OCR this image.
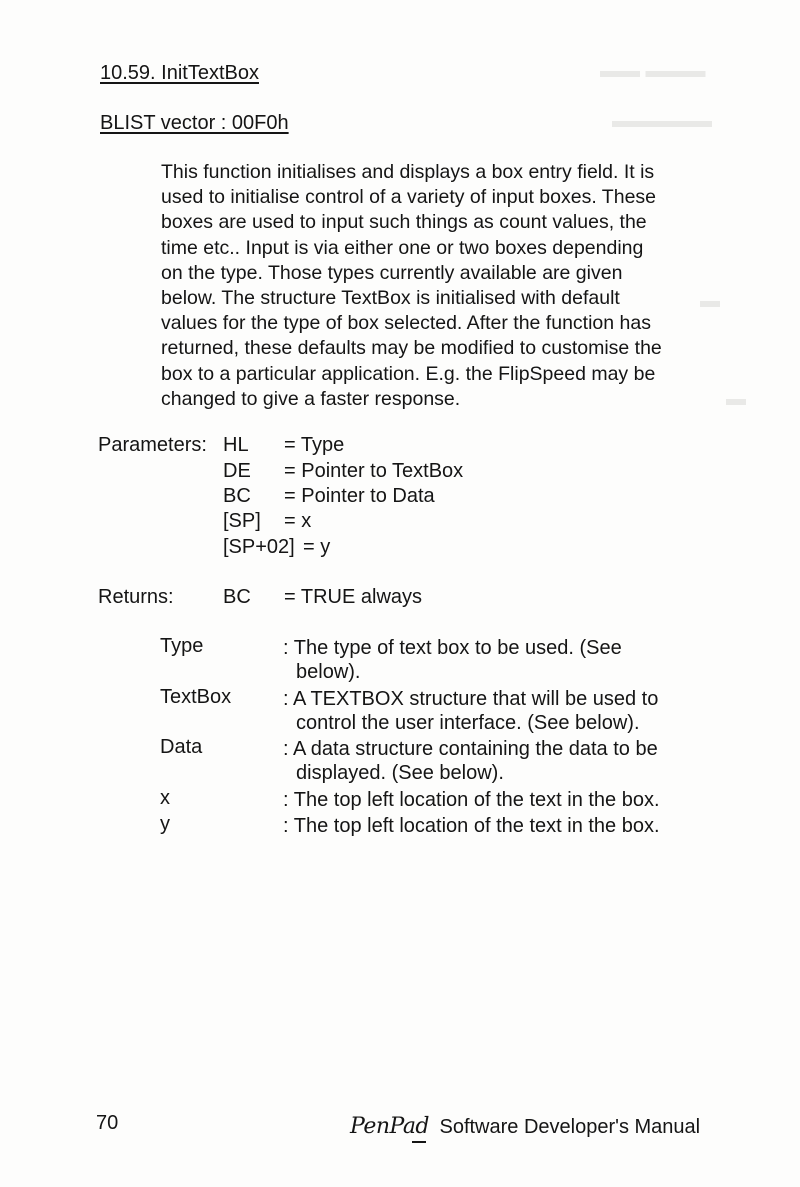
▬▬ ▬▬▬
▬▬▬▬▬
▬
▬
10.59. InitTextBox
BLIST vector : 00F0h
This function initialises and displays a box entry field. It is
used to initialise control of a variety of input boxes. These
boxes are used to input such things as count values, the
time etc.. Input is via either one or two boxes depending
on the type. Those types currently available are given
below. The structure TextBox is initialised with default
values for the type of box selected. After the function has
returned, these defaults may be modified to customise the
box to a particular application. E.g. the FlipSpeed may be
changed to give a faster response.
Parameters: HL = Type
DE = Pointer to TextBox
BC = Pointer to Data
[SP] = x
[SP+02] = y
Returns: BC = TRUE always
Type	: The type of text box to be used. (See
below).
TextBox	: A TEXTBOX structure that will be used to
control the user interface. (See below).
Data	: A data structure containing the data to be
displayed. (See below).
x	: The top left location of the text in the box.
y	: The top left location of the text in the box.
70	PenPad Software Developer's Manual
